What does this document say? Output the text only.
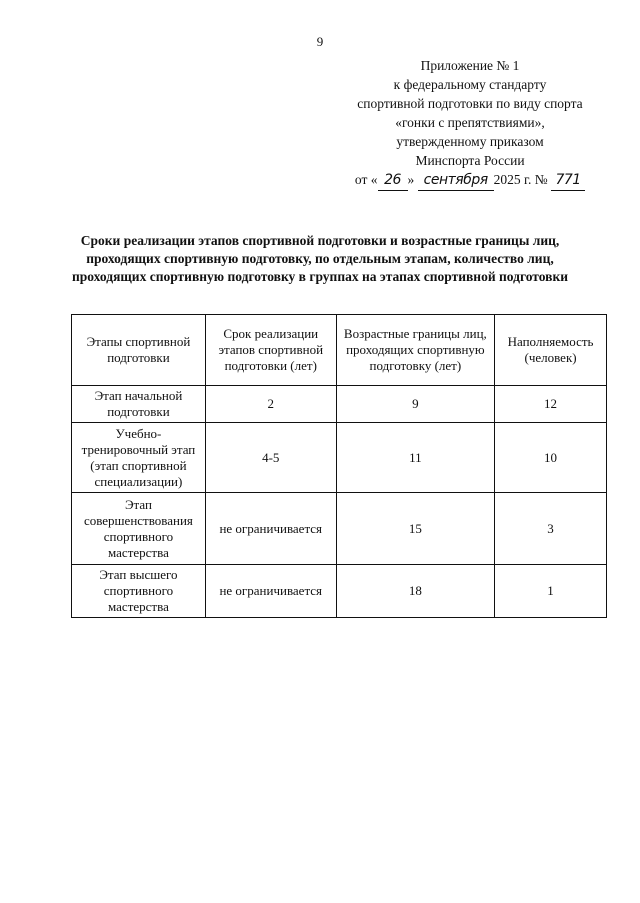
9
Приложение № 1
к федеральному стандарту
спортивной подготовки по виду спорта
«гонки с препятствиями»,
утвержденному приказом
Минспорта России
от « 26 » сентября 2025 г. № 771
Сроки реализации этапов спортивной подготовки и возрастные границы лиц, проходящих спортивную подготовку, по отдельным этапам, количество лиц, проходящих спортивную подготовку в группах на этапах спортивной подготовки
Этапы спортивной подготовки	Срок реализации этапов спортивной подготовки (лет)	Возрастные границы лиц, проходящих спортивную подготовку (лет)	Наполняемость (человек)
Этап начальной подготовки	2	9	12
Учебно-тренировочный этап (этап спортивной специализации)	4-5	11	10
Этап совершенствования спортивного мастерства	не ограничивается	15	3
Этап высшего спортивного мастерства	не ограничивается	18	1
